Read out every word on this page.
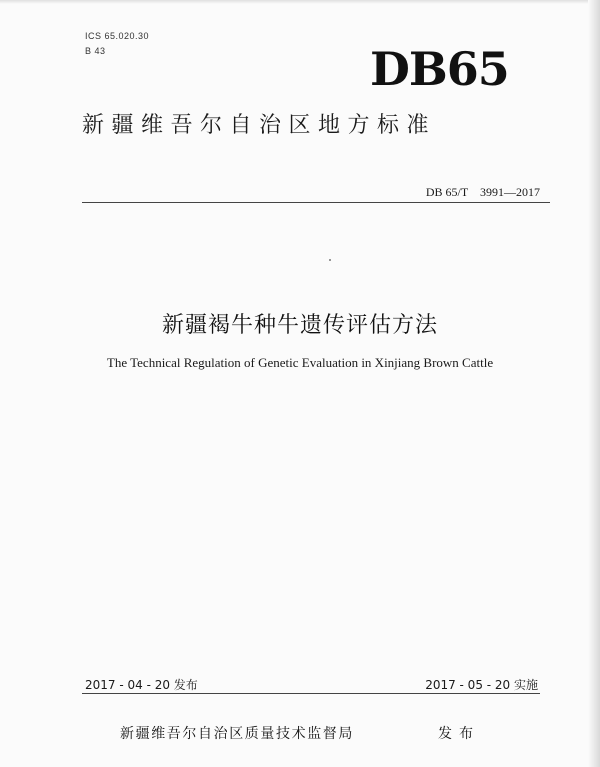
ICS 65.020.30
B 43	DB65
新疆维吾尔自治区地方标准
DB 65/T　3991—2017
新疆褐牛种牛遗传评估方法
The Technical Regulation of Genetic Evaluation in Xinjiang Brown Cattle
2017 - 04 - 20 发布	2017 - 05 - 20 实施
新疆维吾尔自治区质量技术监督局	发布
